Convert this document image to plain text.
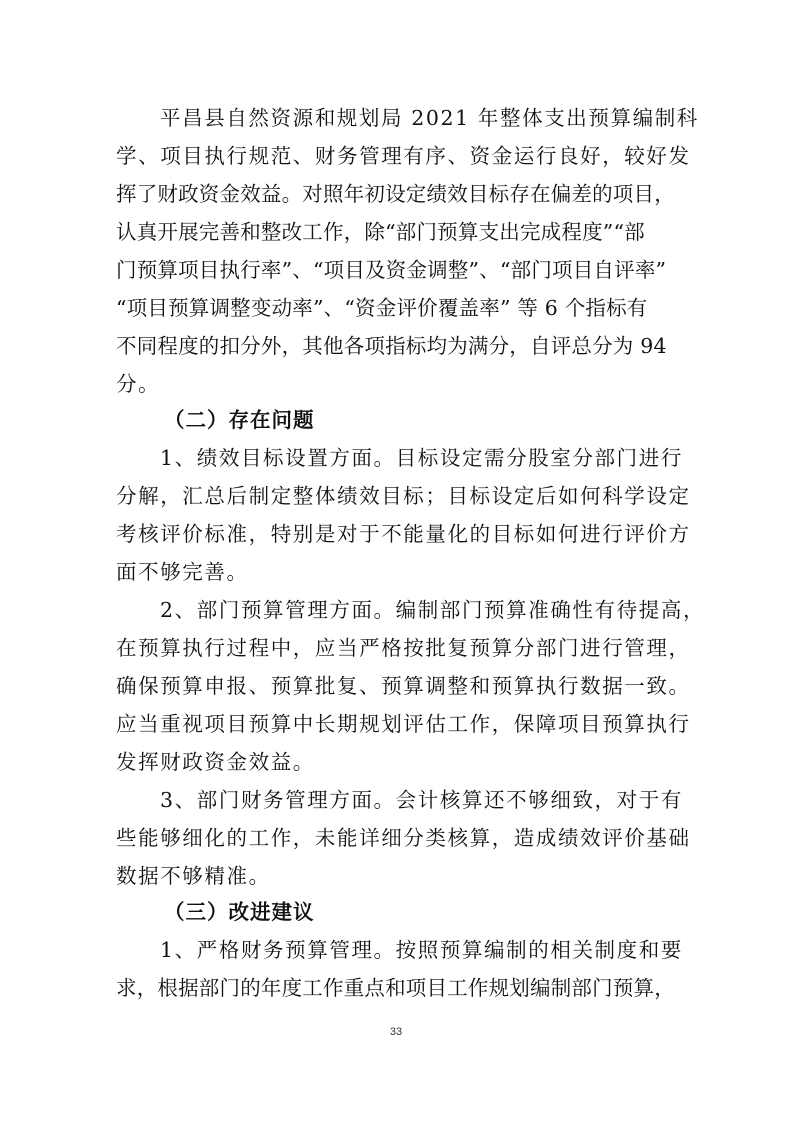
平昌县自然资源和规划局 2021 年整体支出预算编制科
学、项目执行规范、财务管理有序、资金运行良好，较好发
挥了财政资金效益。对照年初设定绩效目标存在偏差的项目，
认真开展完善和整改工作，除“部门预算支出完成程度”“部
门预算项目执行率”、“项目及资金调整”、“部门项目自评率”
“项目预算调整变动率”、“资金评价覆盖率” 等 6 个指标有
不同程度的扣分外，其他各项指标均为满分，自评总分为 94
分。
（二）存在问题
1、绩效目标设置方面。目标设定需分股室分部门进行
分解，汇总后制定整体绩效目标；目标设定后如何科学设定
考核评价标准，特别是对于不能量化的目标如何进行评价方
面不够完善。
2、部门预算管理方面。编制部门预算准确性有待提高，
在预算执行过程中，应当严格按批复预算分部门进行管理，
确保预算申报、预算批复、预算调整和预算执行数据一致。
应当重视项目预算中长期规划评估工作，保障项目预算执行
发挥财政资金效益。
3、部门财务管理方面。会计核算还不够细致，对于有
些能够细化的工作，未能详细分类核算，造成绩效评价基础
数据不够精准。
（三）改进建议
1、严格财务预算管理。按照预算编制的相关制度和要
求，根据部门的年度工作重点和项目工作规划编制部门预算，
33
